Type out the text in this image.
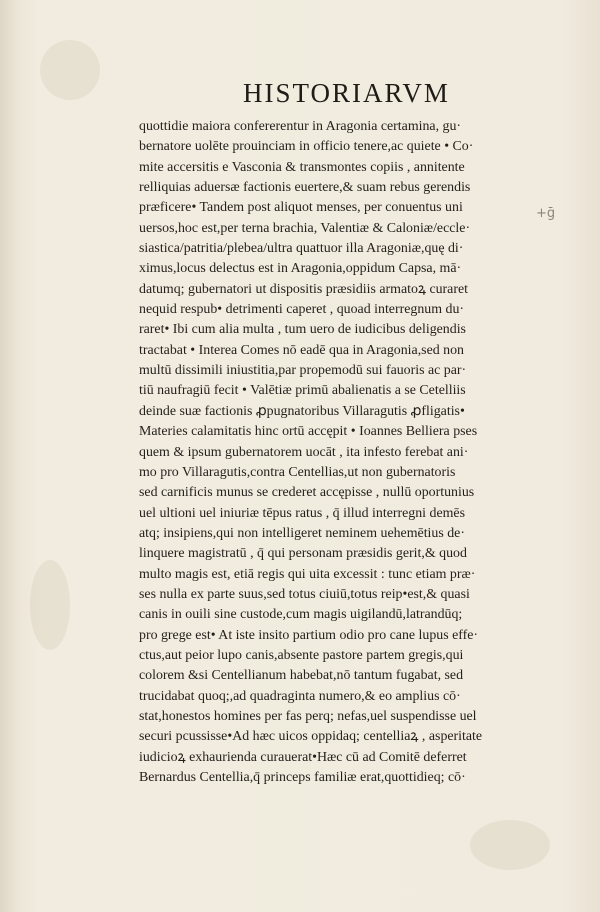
HISTORIARVM
+ḡ
quottidie maiora confererentur in Aragonia certamina, gu·
bernatore uolēte prouinciam in officio tenere,ac quiete • Co·
mite accersitis e Vasconia & transmontes copiis , annitente
relliquias aduersæ factionis euertere,& suam rebus gerendis
præficere• Tandem post aliquot menses, per conuentus uni
uersos,hoc est,per terna brachia, Valentiæ & Caloniæ/eccle·
siastica/patritia/plebea/ultra quattuor illa Aragoniæ,quę di·
ximus,locus delectus est in Aragonia,oppidum Capsa, mā·
datumq; gubernatori ut dispositis præsidiis armatoꝝ curaret
nequid respub• detrimenti caperet , quoad interregnum du·
raret• Ibi cum alia multa , tum uero de iudicibus deligendis
tractabat • Interea Comes nō eadē qua in Aragonia,sed non
multū dissimili iniustitia,par propemodū sui fauoris ac par·
tiū naufragiū fecit • Valētiæ primū abalienatis a se Cetelliis
deinde suæ factionis ꝓpugnatoribus Villaragutis ꝓfligatis•
Materies calamitatis hinc ortū accępit • Ioannes Belliera pses
quem & ipsum gubernatorem uocāt , ita infesto ferebat ani·
mo pro Villaragutis,contra Centellias,ut non gubernatoris
sed carnificis munus se crederet accępisse , nullū oportunius
uel ultioni uel iniuriæ tēpus ratus , q̄ illud interregni demēs
atq; insipiens,qui non intelligeret neminem uehemētius de·
linquere magistratū , q̄ qui personam præsidis gerit,& quod
multo magis est, etiā regis qui uita excessit : tunc etiam præ·
ses nulla ex parte suus,sed totus ciuiū,totus reip•est,& quasi
canis in ouili sine custode,cum magis uigilandū,latrandūq;
pro grege est• At iste insito partium odio pro cane lupus effe·
ctus,aut peior lupo canis,absente pastore partem gregis,qui
colorem &si Centellianum habebat,nō tantum fugabat, sed
trucidabat quoq;,ad quadraginta numero,& eo amplius cō·
stat,honestos homines per fas perq; nefas,uel suspendisse uel
securi pcussisse•Ad hæc uicos oppidaq; centelliaꝝ , asperitate
iudicioꝝ exhaurienda curauerat•Hæc cū ad Comitē deferret
Bernardus Centellia,q̄ princeps familiæ erat,quottidieq; cō·
